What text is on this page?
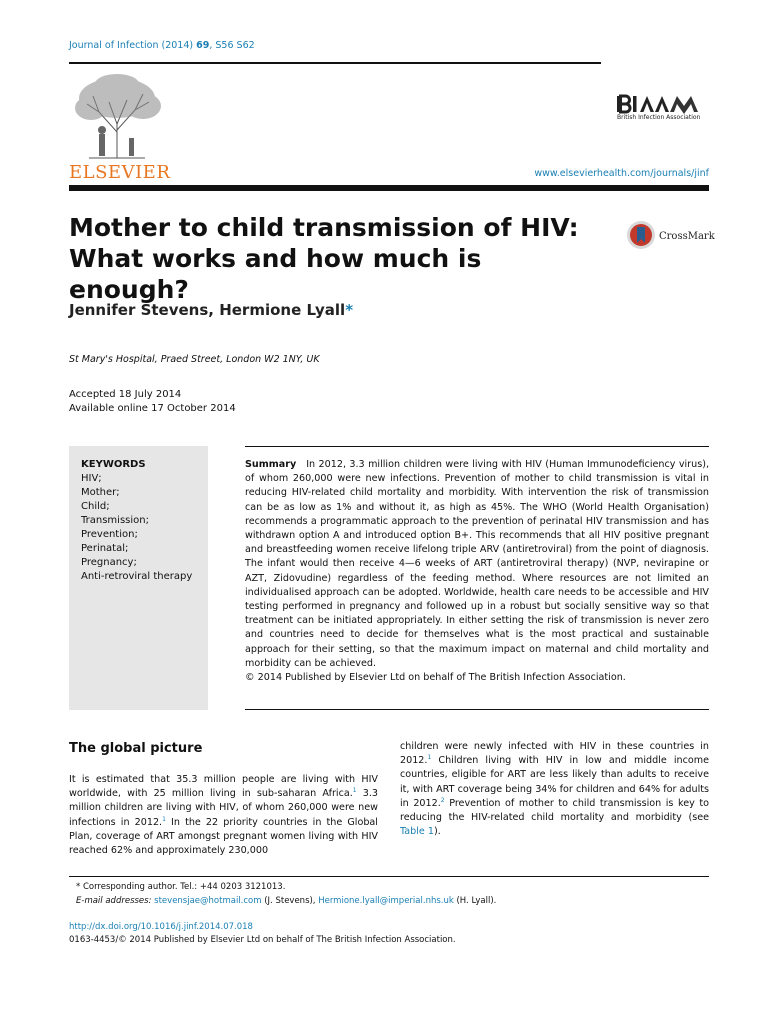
Journal of Infection (2014) 69, S56 S62
ELSEVIER
British Infection Association
www.elsevierhealth.com/journals/jinf
Mother to child transmission of HIV: What works and how much is enough?
CrossMark
Jennifer Stevens, Hermione Lyall*
St Mary's Hospital, Praed Street, London W2 1NY, UK
Accepted 18 July 2014
Available online 17 October 2014
KEYWORDS
HIV;
Mother;
Child;
Transmission;
Prevention;
Perinatal;
Pregnancy;
Anti-retroviral therapy
Summary In 2012, 3.3 million children were living with HIV (Human Immunodeficiency virus), of whom 260,000 were new infections. Prevention of mother to child transmission is vital in reducing HIV-related child mortality and morbidity. With intervention the risk of transmission can be as low as 1% and without it, as high as 45%. The WHO (World Health Organisation) recommends a programmatic approach to the prevention of perinatal HIV transmission and has withdrawn option A and introduced option B+. This recommends that all HIV positive pregnant and breastfeeding women receive lifelong triple ARV (antiretroviral) from the point of diagnosis. The infant would then receive 4—6 weeks of ART (antiretroviral therapy) (NVP, nevirapine or AZT, Zidovudine) regardless of the feeding method. Where resources are not limited an individualised approach can be adopted. Worldwide, health care needs to be accessible and HIV testing performed in pregnancy and followed up in a robust but socially sensitive way so that treatment can be initiated appropriately. In either setting the risk of transmission is never zero and countries need to decide for themselves what is the most practical and sustainable approach for their setting, so that the maximum impact on maternal and child mortality and morbidity can be achieved.
© 2014 Published by Elsevier Ltd on behalf of The British Infection Association.
The global picture
It is estimated that 35.3 million people are living with HIV worldwide, with 25 million living in sub-saharan Africa.$^1$ 3.3 million children are living with HIV, of whom 260,000 were new infections in 2012.$^1$ In the 22 priority countries in the Global Plan, coverage of ART amongst pregnant women living with HIV reached 62% and approximately 230,000
children were newly infected with HIV in these countries in 2012.$^1$ Children living with HIV in low and middle income countries, eligible for ART are less likely than adults to receive it, with ART coverage being 34% for children and 64% for adults in 2012.$^2$ Prevention of mother to child transmission is key to reducing the HIV-related child mortality and morbidity (see Table 1).
* Corresponding author. Tel.: +44 0203 3121013.
E-mail addresses: stevensjae@hotmail.com (J. Stevens), Hermione.lyall@imperial.nhs.uk (H. Lyall).
http://dx.doi.org/10.1016/j.jinf.2014.07.018
0163-4453/© 2014 Published by Elsevier Ltd on behalf of The British Infection Association.
